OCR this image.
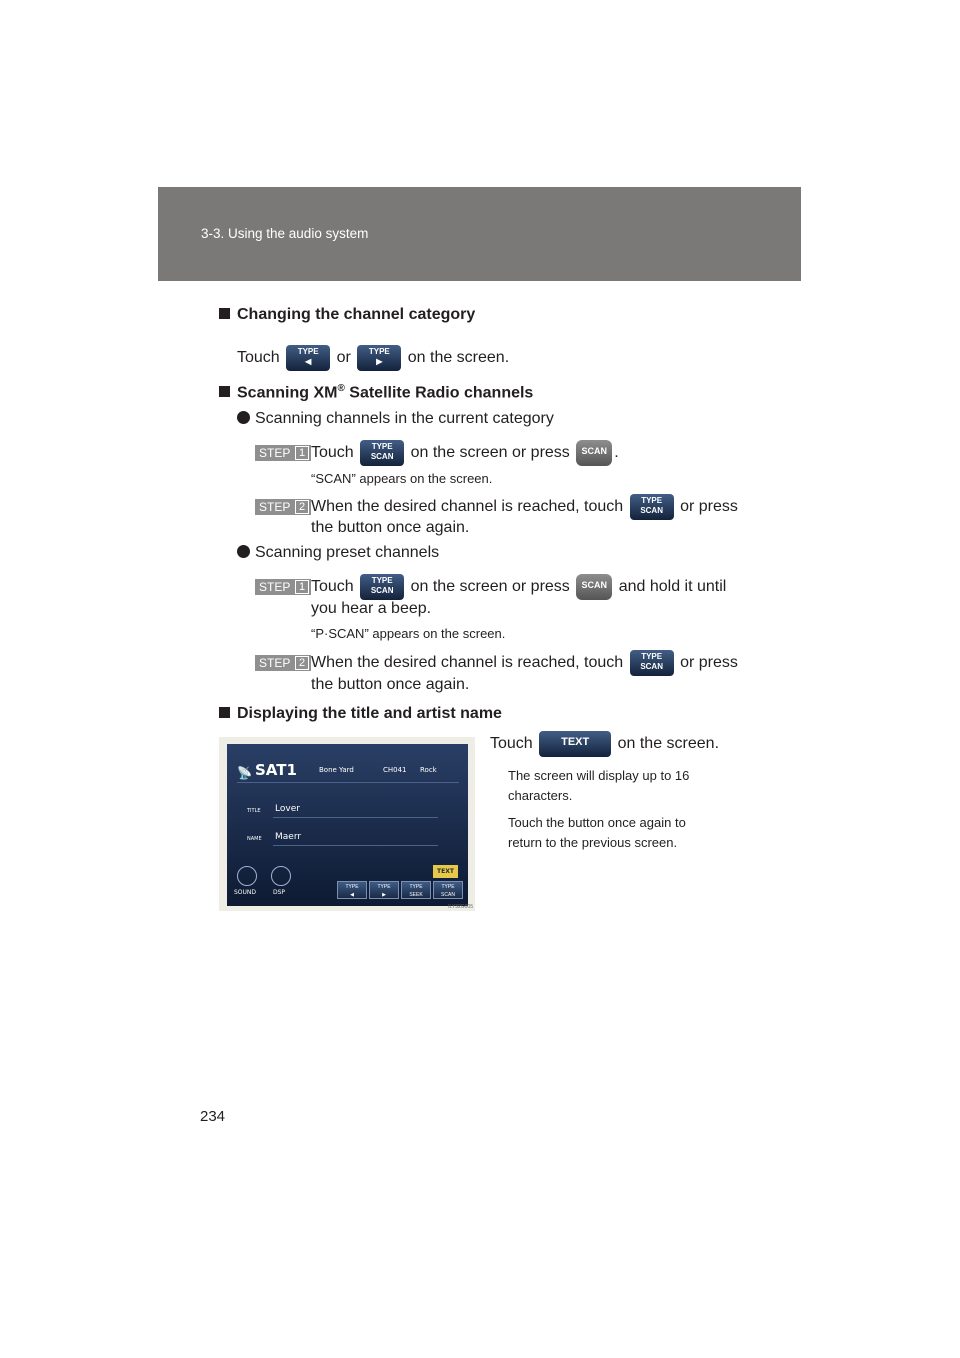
3-3. Using the audio system
Changing the channel category
Touch TYPE
◀ or TYPE
▶ on the screen.
Scanning XM® Satellite Radio channels
Scanning channels in the current category
STEP 1 Touch TYPE
SCAN on the screen or press SCAN .
“SCAN” appears on the screen.
STEP 2 When the desired channel is reached, touch TYPE
SCAN or press
the button once again.
Scanning preset channels
STEP 1 Touch TYPE
SCAN on the screen or press SCAN and hold it until
you hear a beep.
“P·SCAN” appears on the screen.
STEP 2 When the desired channel is reached, touch TYPE
SCAN or press
the button once again.
Displaying the title and artist name
Touch	TEXT on the screen.
The screen will display up to 16
characters.
Touch the button once again to
return to the previous screen.
📡 SAT1	Bone Yard	CH041 Rock
TITLE Lover
NAME Maerr
TEXT
SOUND	DSP
TYPE
◀
TYPE
▶
TYPE
SEEK
TYPE
SCAN
ILY32G005
234
